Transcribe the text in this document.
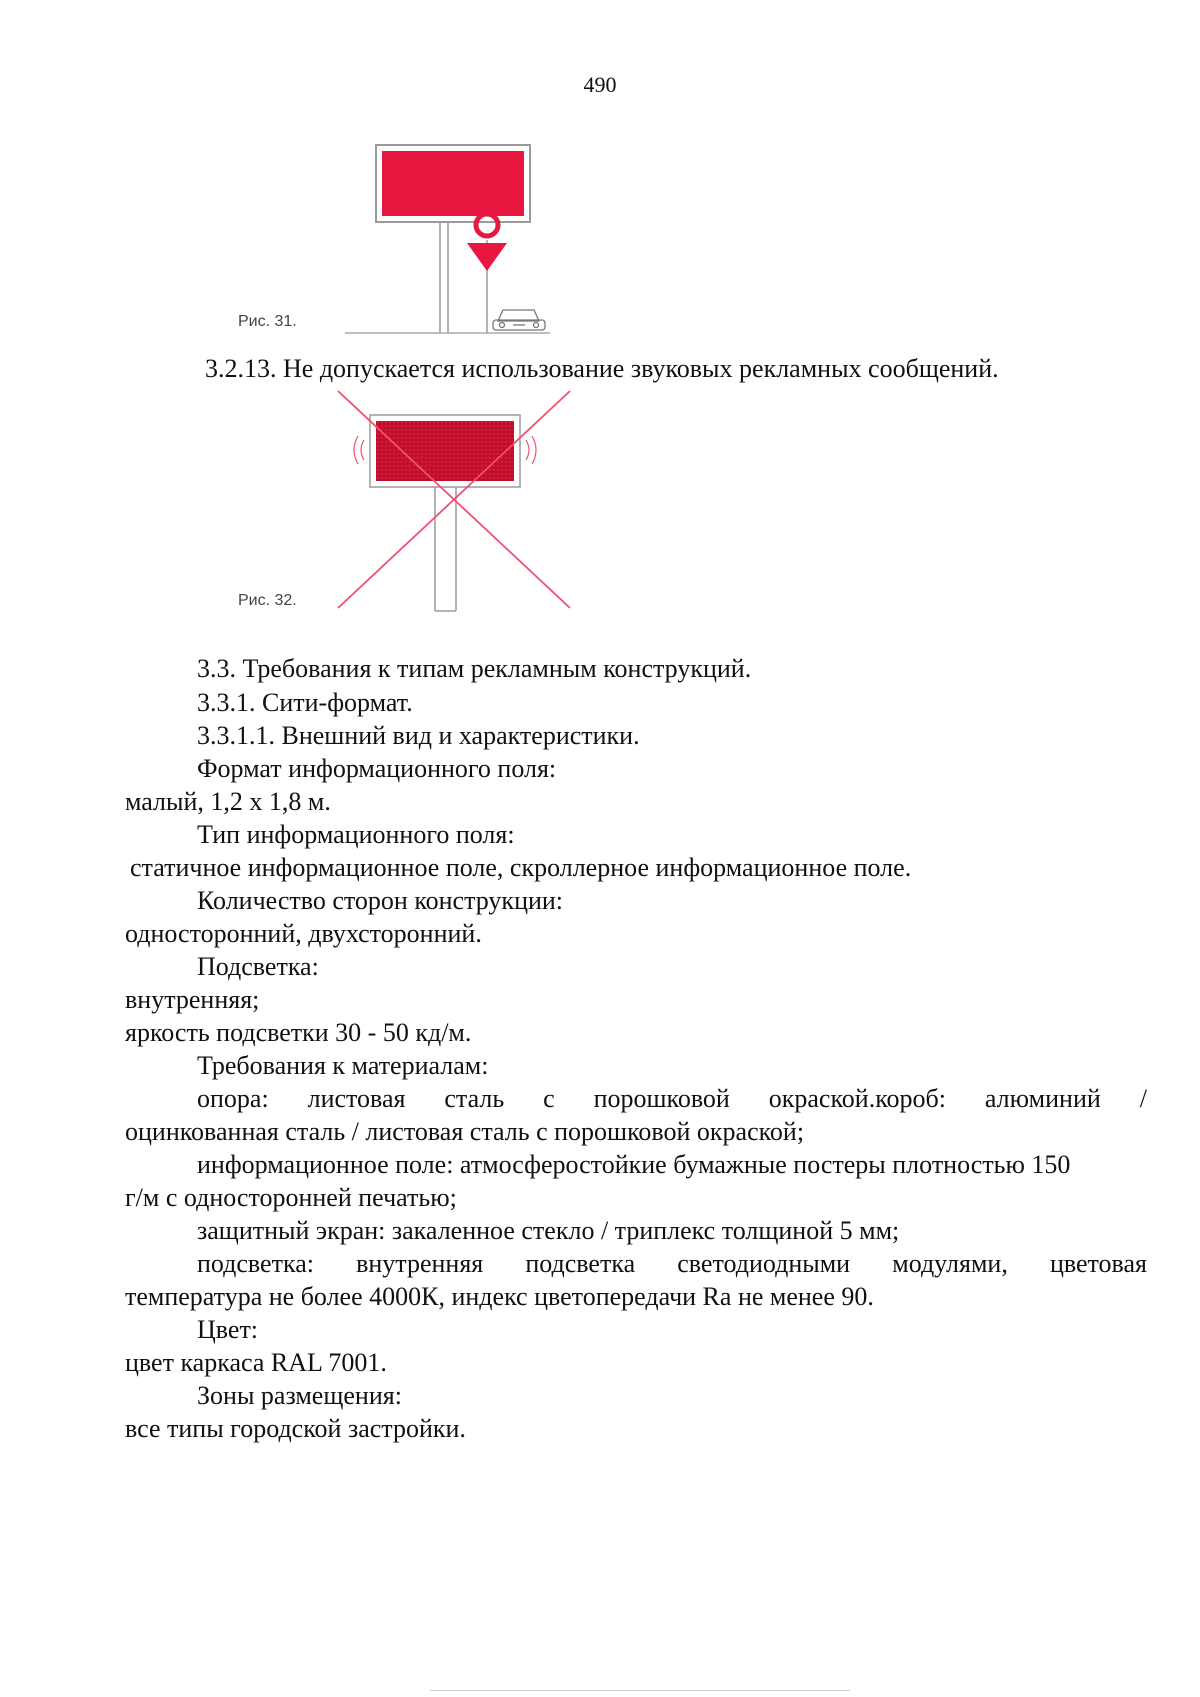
490
Рис. 31.
3.2.13. Не допускается использование звуковых рекламных сообщений.
Рис. 32.
3.3. Требования к типам рекламным конструкций.
3.3.1. Сити-формат.
3.3.1.1. Внешний вид и характеристики.
Формат информационного поля:
малый, 1,2 х 1,8 м.
Тип информационного поля:
статичное информационное поле, скроллерное информационное поле.
Количество сторон конструкции:
односторонний, двухсторонний.
Подсветка:
внутренняя;
яркость подсветки 30 - 50 кд/м.
Требования к материалам:
опора: листовая сталь с порошковой окраской.короб: алюминий /
оцинкованная сталь / листовая сталь с порошковой окраской;
информационное поле: атмосферостойкие бумажные постеры плотностью 150
г/м с односторонней печатью;
защитный экран: закаленное стекло / триплекс толщиной 5 мм;
подсветка: внутренняя подсветка светодиодными модулями, цветовая
температура не более 4000К, индекс цветопередачи Ra не менее 90.
Цвет:
цвет каркаса RAL 7001.
Зоны размещения:
все типы городской застройки.
